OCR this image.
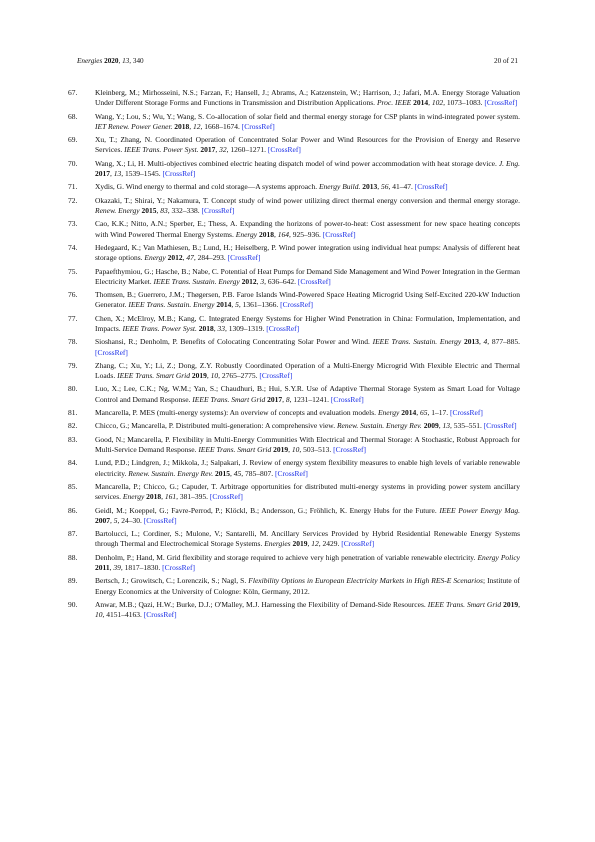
Energies 2020, 13, 340	20 of 21
67.	Kleinberg, M.; Mirhosseini, N.S.; Farzan, F.; Hansell, J.; Abrams, A.; Katzenstein, W.; Harrison, J.; Jafari, M.A. Energy Storage Valuation Under Different Storage Forms and Functions in Transmission and Distribution Applications. Proc. IEEE 2014, 102, 1073–1083. [CrossRef]
68.	Wang, Y.; Lou, S.; Wu, Y.; Wang, S. Co-allocation of solar field and thermal energy storage for CSP plants in wind-integrated power system. IET Renew. Power Gener. 2018, 12, 1668–1674. [CrossRef]
69.	Xu, T.; Zhang, N. Coordinated Operation of Concentrated Solar Power and Wind Resources for the Provision of Energy and Reserve Services. IEEE Trans. Power Syst. 2017, 32, 1260–1271. [CrossRef]
70.	Wang, X.; Li, H. Multi-objectives combined electric heating dispatch model of wind power accommodation with heat storage device. J. Eng. 2017, 13, 1539–1545. [CrossRef]
71.	Xydis, G. Wind energy to thermal and cold storage—A systems approach. Energy Build. 2013, 56, 41–47. [CrossRef]
72.	Okazaki, T.; Shirai, Y.; Nakamura, T. Concept study of wind power utilizing direct thermal energy conversion and thermal energy storage. Renew. Energy 2015, 83, 332–338. [CrossRef]
73.	Cao, K.K.; Nitto, A.N.; Sperber, E.; Thess, A. Expanding the horizons of power-to-heat: Cost assessment for new space heating concepts with Wind Powered Thermal Energy Systems. Energy 2018, 164, 925–936. [CrossRef]
74.	Hedegaard, K.; Van Mathiesen, B.; Lund, H.; Heiselberg, P. Wind power integration using individual heat pumps: Analysis of different heat storage options. Energy 2012, 47, 284–293. [CrossRef]
75.	Papaefthymiou, G.; Hasche, B.; Nabe, C. Potential of Heat Pumps for Demand Side Management and Wind Power Integration in the German Electricity Market. IEEE Trans. Sustain. Energy 2012, 3, 636–642. [CrossRef]
76.	Thomsen, B.; Guerrero, J.M.; Thøgersen, P.B. Faroe Islands Wind-Powered Space Heating Microgrid Using Self-Excited 220-kW Induction Generator. IEEE Trans. Sustain. Energy 2014, 5, 1361–1366. [CrossRef]
77.	Chen, X.; McElroy, M.B.; Kang, C. Integrated Energy Systems for Higher Wind Penetration in China: Formulation, Implementation, and Impacts. IEEE Trans. Power Syst. 2018, 33, 1309–1319. [CrossRef]
78.	Sioshansi, R.; Denholm, P. Benefits of Colocating Concentrating Solar Power and Wind. IEEE Trans. Sustain. Energy 2013, 4, 877–885. [CrossRef]
79.	Zhang, C.; Xu, Y.; Li, Z.; Dong, Z.Y. Robustly Coordinated Operation of a Multi-Energy Microgrid With Flexible Electric and Thermal Loads. IEEE Trans. Smart Grid 2019, 10, 2765–2775. [CrossRef]
80.	Luo, X.; Lee, C.K.; Ng, W.M.; Yan, S.; Chaudhuri, B.; Hui, S.Y.R. Use of Adaptive Thermal Storage System as Smart Load for Voltage Control and Demand Response. IEEE Trans. Smart Grid 2017, 8, 1231–1241. [CrossRef]
81.	Mancarella, P. MES (multi-energy systems): An overview of concepts and evaluation models. Energy 2014, 65, 1–17. [CrossRef]
82.	Chicco, G.; Mancarella, P. Distributed multi-generation: A comprehensive view. Renew. Sustain. Energy Rev. 2009, 13, 535–551. [CrossRef]
83.	Good, N.; Mancarella, P. Flexibility in Multi-Energy Communities With Electrical and Thermal Storage: A Stochastic, Robust Approach for Multi-Service Demand Response. IEEE Trans. Smart Grid 2019, 10, 503–513. [CrossRef]
84.	Lund, P.D.; Lindgren, J.; Mikkola, J.; Salpakari, J. Review of energy system flexibility measures to enable high levels of variable renewable electricity. Renew. Sustain. Energy Rev. 2015, 45, 785–807. [CrossRef]
85.	Mancarella, P.; Chicco, G.; Capuder, T. Arbitrage opportunities for distributed multi-energy systems in providing power system ancillary services. Energy 2018, 161, 381–395. [CrossRef]
86.	Geidl, M.; Koeppel, G.; Favre-Perrod, P.; Klöckl, B.; Andersson, G.; Fröhlich, K. Energy Hubs for the Future. IEEE Power Energy Mag. 2007, 5, 24–30. [CrossRef]
87.	Bartolucci, L.; Cordiner, S.; Mulone, V.; Santarelli, M. Ancillary Services Provided by Hybrid Residential Renewable Energy Systems through Thermal and Electrochemical Storage Systems. Energies 2019, 12, 2429. [CrossRef]
88.	Denholm, P.; Hand, M. Grid flexibility and storage required to achieve very high penetration of variable renewable electricity. Energy Policy 2011, 39, 1817–1830. [CrossRef]
89.	Bertsch, J.; Growitsch, C.; Lorenczik, S.; Nagl, S. Flexibility Options in European Electricity Markets in High RES-E Scenarios; Institute of Energy Economics at the University of Cologne: Köln, Germany, 2012.
90.	Anwar, M.B.; Qazi, H.W.; Burke, D.J.; O'Malley, M.J. Harnessing the Flexibility of Demand-Side Resources. IEEE Trans. Smart Grid 2019, 10, 4151–4163. [CrossRef]
